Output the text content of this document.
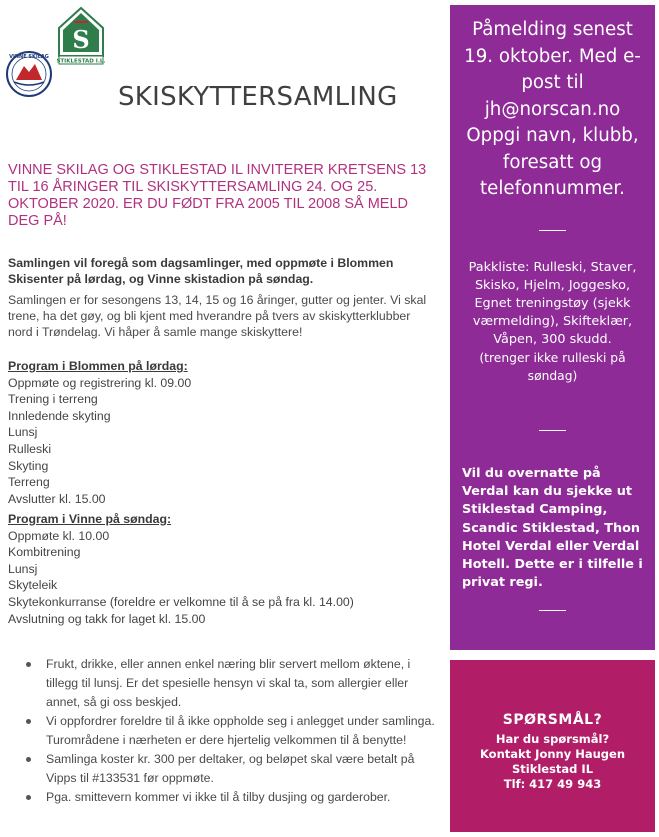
S
STIKLESTAD I.L.
VINNE SKILAG
SKISKYTTERSAMLING
VINNE SKILAG OG STIKLESTAD IL INVITERER KRETSENS 13 TIL 16 ÅRINGER TIL SKISKYTTERSAMLING 24. OG 25. OKTOBER 2020. ER DU FØDT FRA 2005 TIL 2008 SÅ MELD DEG PÅ!
Samlingen vil foregå som dagsamlinger, med oppmøte i Blommen Skisenter på lørdag, og Vinne skistadion på søndag.
Samlingen er for sesongens 13, 14, 15 og 16 åringer, gutter og jenter. Vi skal trene, ha det gøy, og bli kjent med hverandre på tvers av skiskytterklubber nord i Trøndelag. Vi håper å samle mange skiskyttere!
Program i Blommen på lørdag:
Oppmøte og registrering kl. 09.00
Trening i terreng
Innledende skyting
Lunsj
Rulleski
Skyting
Terreng
Avslutter kl. 15.00
Program i Vinne på søndag:
Oppmøte kl. 10.00
Kombitrening
Lunsj
Skyteleik
Skytekonkurranse (foreldre er velkomne til å se på fra kl. 14.00)
Avslutning og takk for laget kl. 15.00
Frukt, drikke, eller annen enkel næring blir servert mellom øktene, i tillegg til lunsj. Er det spesielle hensyn vi skal ta, som allergier eller annet, så gi oss beskjed.
Vi oppfordrer foreldre til å ikke oppholde seg i anlegget under samlinga. Turområdene i nærheten er dere hjertelig velkommen til å benytte!
Samlinga koster kr. 300 per deltaker, og beløpet skal være betalt på Vipps til #133531 før oppmøte.
Pga. smittevern kommer vi ikke til å tilby dusjing og garderober.
Påmelding senest 19. oktober. Med e-post til jh@norscan.no Oppgi navn, klubb, foresatt og telefonnummer.
Pakkliste: Rulleski, Staver, Skisko, Hjelm, Joggesko, Egnet treningstøy (sjekk værmelding), Skifteklær, Våpen, 300 skudd.
(trenger ikke rulleski på søndag)
Vil du overnatte på Verdal kan du sjekke ut Stiklestad Camping, Scandic Stiklestad, Thon Hotel Verdal eller Verdal Hotell. Dette er i tilfelle i privat regi.
SPØRSMÅL?
Har du spørsmål?
Kontakt Jonny Haugen
Stiklestad IL
Tlf: 417 49 943
